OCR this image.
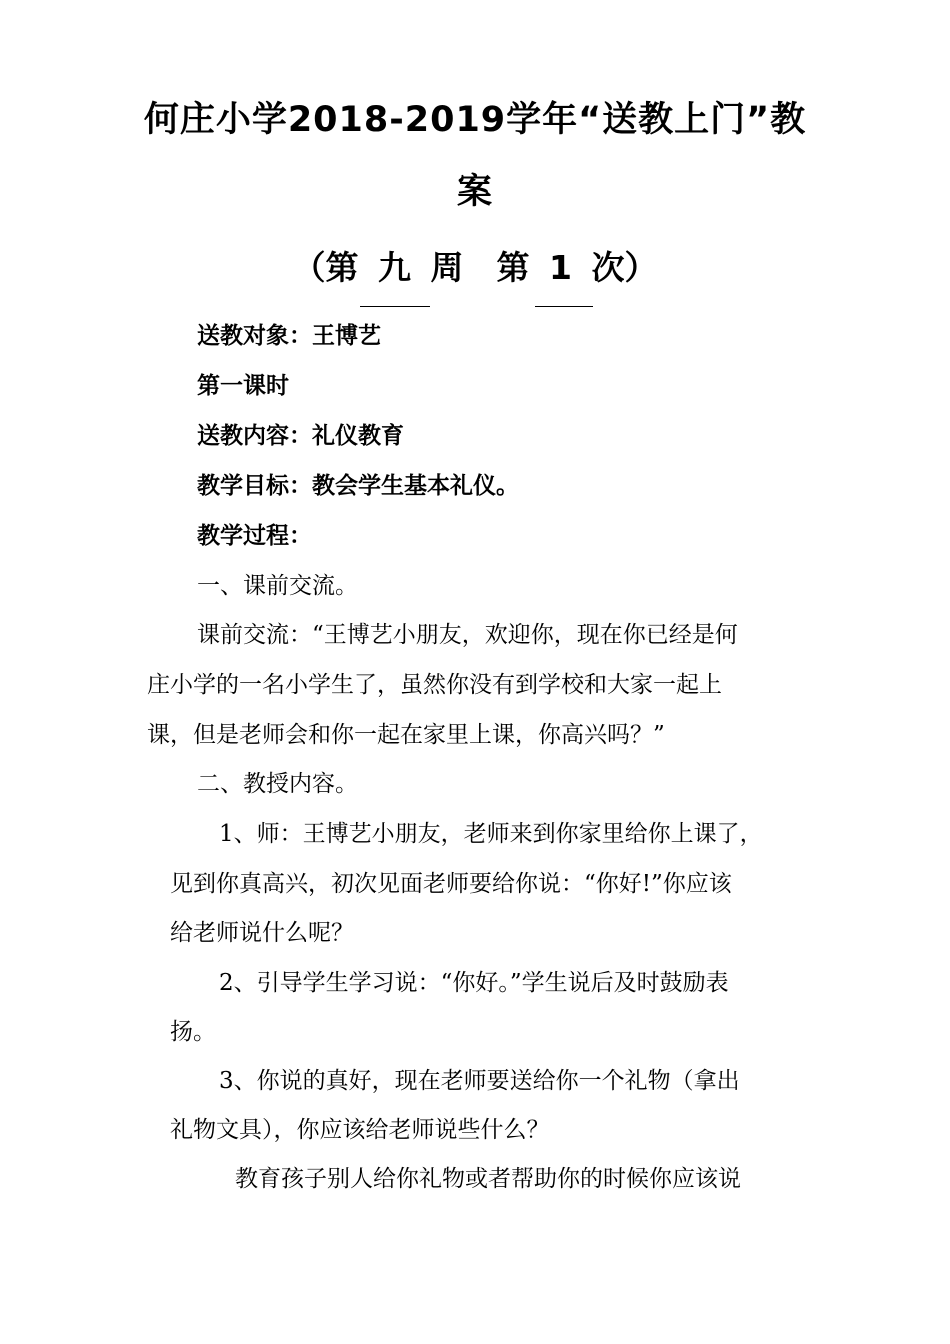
何庄小学2018-2019学年“送教上门”教
案
（第 九 周　第 1 次）
送教对象：王博艺
第一课时
送教内容：礼仪教育
教学目标：教会学生基本礼仪。
教学过程：
一、课前交流。
课前交流：“王博艺小朋友，欢迎你，现在你已经是何
庄小学的一名小学生了，虽然你没有到学校和大家一起上
课，但是老师会和你一起在家里上课，你高兴吗？”
二、教授内容。
1、师：王博艺小朋友，老师来到你家里给你上课了，
见到你真高兴，初次见面老师要给你说：“你好!”你应该
给老师说什么呢？
2、引导学生学习说：“你好。”学生说后及时鼓励表
扬。
3、你说的真好，现在老师要送给你一个礼物（拿出
礼物文具），你应该给老师说些什么？
教育孩子别人给你礼物或者帮助你的时候你应该说
